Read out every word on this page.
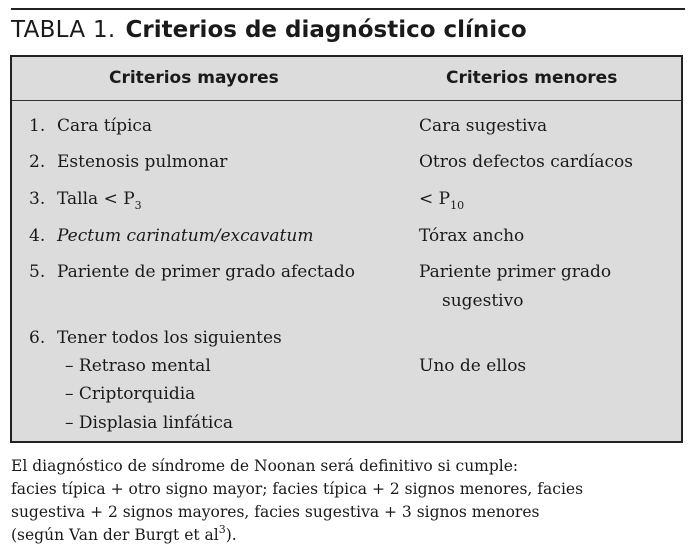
TABLA 1. Criterios de diagnóstico clínico
Criterios mayores	Criterios menores
1. Cara típica	Cara sugestiva
2. Estenosis pulmonar	Otros defectos cardíacos
3. Talla < $P_3$	< $P_{10}$
4. Pectum carinatum/excavatum	Tórax ancho
5. Pariente de primer grado afectado	Pariente primer grado
sugestivo
6. Tener todos los siguientes
– Retraso mental	Uno de ellos
– Criptorquidia
– Displasia linfática
El diagnóstico de síndrome de Noonan será definitivo si cumple:
facies típica + otro signo mayor; facies típica + 2 signos menores, facies
sugestiva + 2 signos mayores, facies sugestiva + 3 signos menores
(según Van der Burgt et $al^3$).
